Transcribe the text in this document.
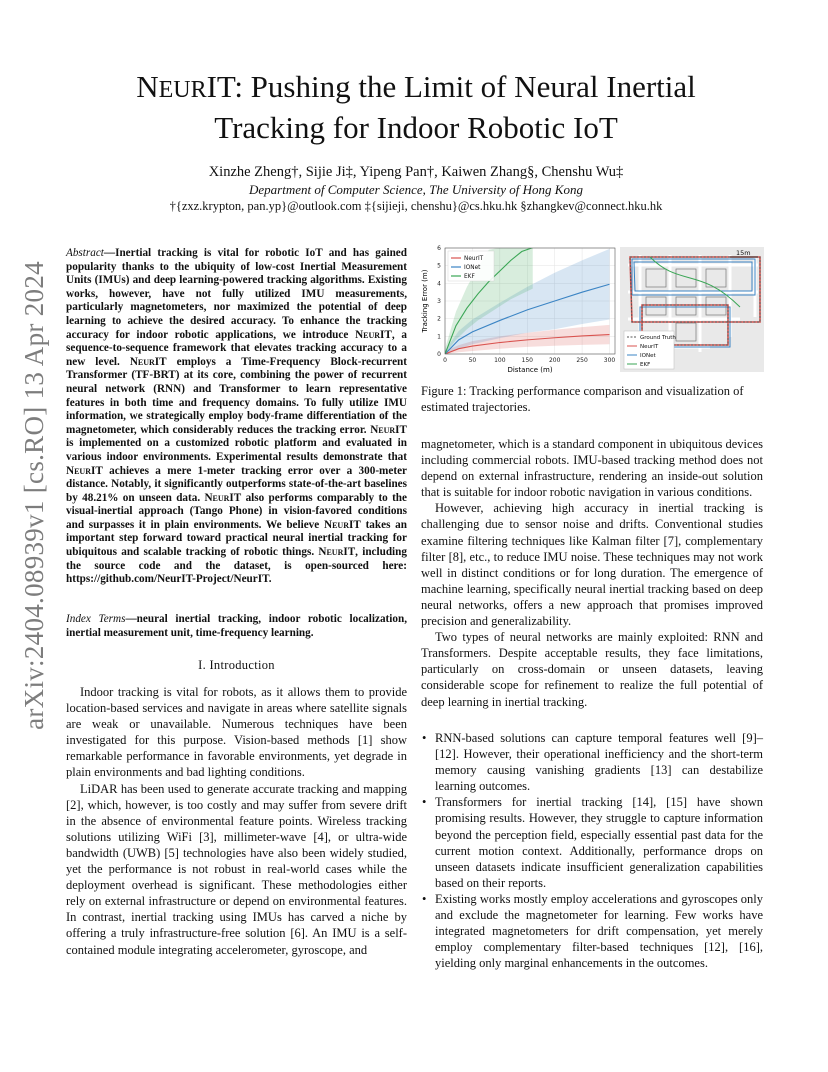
arXiv:2404.08939v1 [cs.RO] 13 Apr 2024
NEURIT: Pushing the Limit of Neural Inertial
Tracking for Indoor Robotic IoT
Xinzhe Zheng†, Sijie Ji‡, Yipeng Pan†, Kaiwen Zhang§, Chenshu Wu‡
Department of Computer Science, The University of Hong Kong
†{zxz.krypton, pan.yp}@outlook.com ‡{sijieji, chenshu}@cs.hku.hk §zhangkev@connect.hku.hk
Abstract—Inertial tracking is vital for robotic IoT and has gained popularity thanks to the ubiquity of low-cost Inertial Measurement Units (IMUs) and deep learning-powered tracking algorithms. Existing works, however, have not fully utilized IMU measurements, particularly magnetometers, nor maximized the potential of deep learning to achieve the desired accuracy. To enhance the tracking accuracy for indoor robotic applications, we introduce NeurIT, a sequence-to-sequence framework that elevates tracking accuracy to a new level. NeurIT employs a Time-Frequency Block-recurrent Transformer (TF-BRT) at its core, combining the power of recurrent neural network (RNN) and Transformer to learn representative features in both time and frequency domains. To fully utilize IMU information, we strategically employ body-frame differentiation of the magnetometer, which considerably reduces the tracking error. NeurIT is implemented on a customized robotic platform and evaluated in various indoor environments. Experimental results demonstrate that NeurIT achieves a mere 1-meter tracking error over a 300-meter distance. Notably, it significantly outperforms state-of-the-art baselines by 48.21% on unseen data. NeurIT also performs comparably to the visual-inertial approach (Tango Phone) in vision-favored conditions and surpasses it in plain environments. We believe NeurIT takes an important step forward toward practical neural inertial tracking for ubiquitous and scalable tracking of robotic things. NeurIT, including the source code and the dataset, is open-sourced here: https://github.com/NeurIT-Project/NeurIT.
Index Terms—neural inertial tracking, indoor robotic localization, inertial measurement unit, time-frequency learning.
I. Introduction

Indoor tracking is vital for robots, as it allows them to provide location-based services and navigate in areas where satellite signals are weak or unavailable. Numerous techniques have been investigated for this purpose. Vision-based methods [1] show remarkable performance in favorable environments, yet degrade in plain environments and bad lighting conditions.

LiDAR has been used to generate accurate tracking and mapping [2], which, however, is too costly and may suffer from severe drift in the absence of environmental feature points. Wireless tracking solutions utilizing WiFi [3], millimeter-wave [4], or ultra-wide bandwidth (UWB) [5] technologies have also been widely studied, yet the performance is not robust in real-world cases while the deployment overhead is significant. These methodologies either rely on external infrastructure or depend on environmental features. In contrast, inertial tracking using IMUs has carved a niche by offering a truly infrastructure-free solution [6]. An IMU is a self-contained module integrating accelerometer, gyroscope, and

0	50	100	150	200	250	300
0
1
2
3
4
5
6
Distance (m)
Tracking Error (m)
NeurIT
IONet
EKF
15m
Ground Truth
NeurIT
IONet
EKF
Figure 1: Tracking performance comparison and visualization of estimated trajectories.

magnetometer, which is a standard component in ubiquitous devices including commercial robots. IMU-based tracking method does not depend on external infrastructure, rendering an inside-out solution that is suitable for indoor robotic navigation in various conditions.

However, achieving high accuracy in inertial tracking is challenging due to sensor noise and drifts. Conventional studies examine filtering techniques like Kalman filter [7], complementary filter [8], etc., to reduce IMU noise. These techniques may not work well in distinct conditions or for long duration. The emergence of machine learning, specifically neural inertial tracking based on deep neural networks, offers a new approach that promises improved precision and generalizability.

Two types of neural networks are mainly exploited: RNN and Transformers. Despite acceptable results, they face limitations, particularly on cross-domain or unseen datasets, leaving considerable scope for refinement to realize the full potential of deep learning in inertial tracking.

• RNN-based solutions can capture temporal features well [9]–[12]. However, their operational inefficiency and the short-term memory causing vanishing gradients [13] can destabilize learning outcomes.
• Transformers for inertial tracking [14], [15] have shown promising results. However, they struggle to capture information beyond the perception field, especially essential past data for the current motion context. Additionally, performance drops on unseen datasets indicate insufficient generalization capabilities based on their reports.
• Existing works mostly employ accelerations and gyroscopes only and exclude the magnetometer for learning. Few works have integrated magnetometers for drift compensation, yet merely employ complementary filter-based techniques [12], [16], yielding only marginal enhancements in the outcomes.
